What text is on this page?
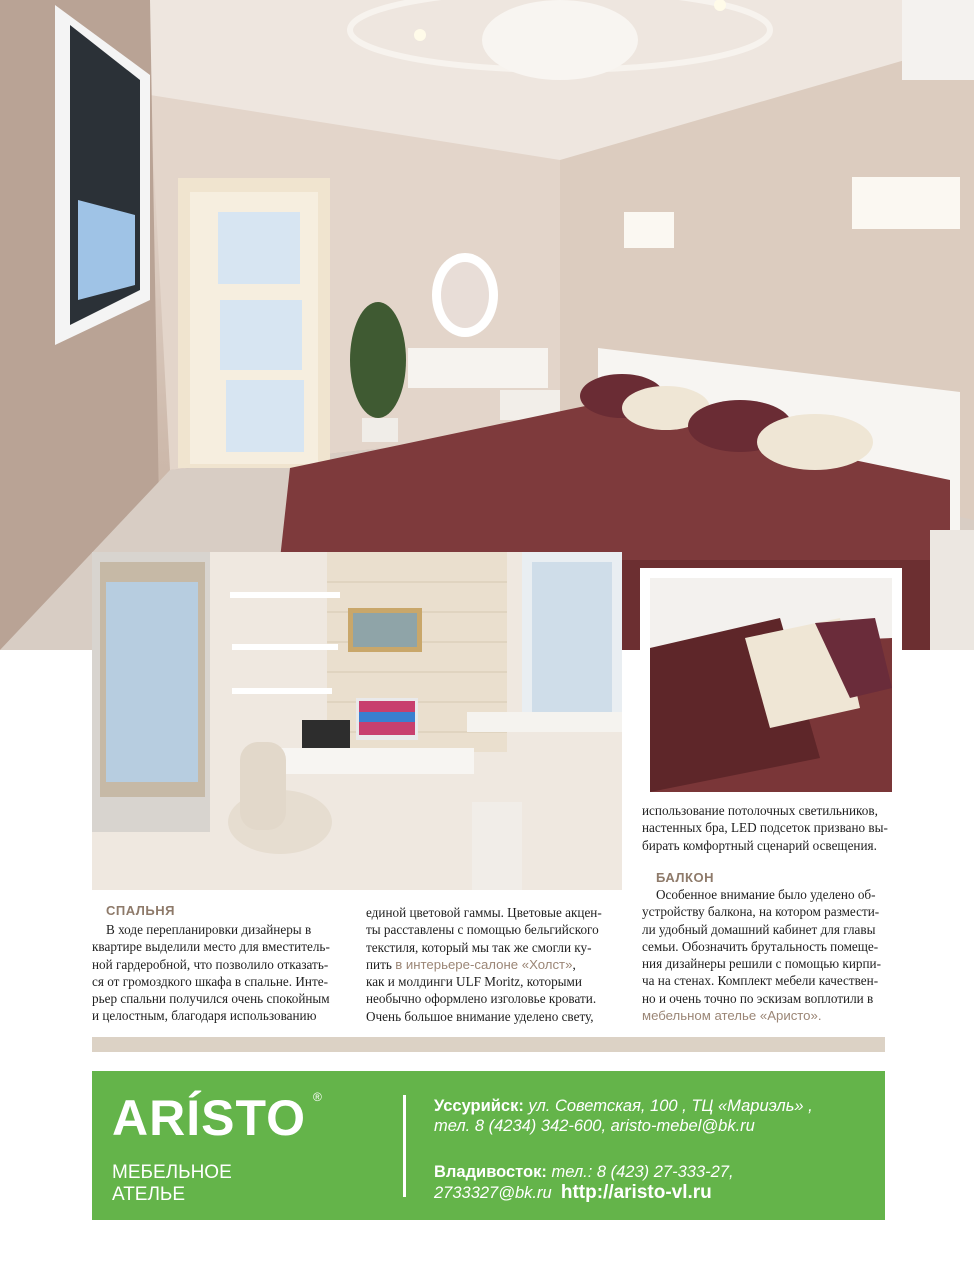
СПАЛЬНЯ

В ходе перепланировки дизайнеры в

квартире выделили место для вместитель-

ной гардеробной, что позволило отказать-

ся от громоздкого шкафа в спальне. Инте-

рьер спальни получился очень спокойным

и целостным, благодаря использованию

единой цветовой гаммы. Цветовые акцен-

ты расставлены с помощью бельгийского

текстиля, который мы так же смогли ку-

пить в интерьере-салоне «Холст»,

как и молдинги ULF Moritz, которыми

необычно оформлено изголовье кровати.

Очень большое внимание уделено свету,

использование потолочных светильников,

настенных бра, LED подсеток призвано вы-

бирать комфортный сценарий освещения.

БАЛКОН

Особенное внимание было уделено об-

устройству балкона, на котором размести-

ли удобный домашний кабинет для главы

семьи. Обозначить брутальность помеще-

ния дизайнеры решили с помощью кирпи-

ча на стенах. Комплект мебели качествен-

но и очень точно по эскизам воплотили в

мебельном ателье «Aристо».

ARÍSTO ®
МЕБЕЛЬНОЕ
АТЕЛЬЕ
Уссурийск: ул. Советская, 100 , ТЦ «Мариэль» ,
тел. 8 (4234) 342-600, aristo-mebel@bk.ru
Владивосток: тел.: 8 (423) 27-333-27,
2733327@bk.ru http://aristo-vl.ru
